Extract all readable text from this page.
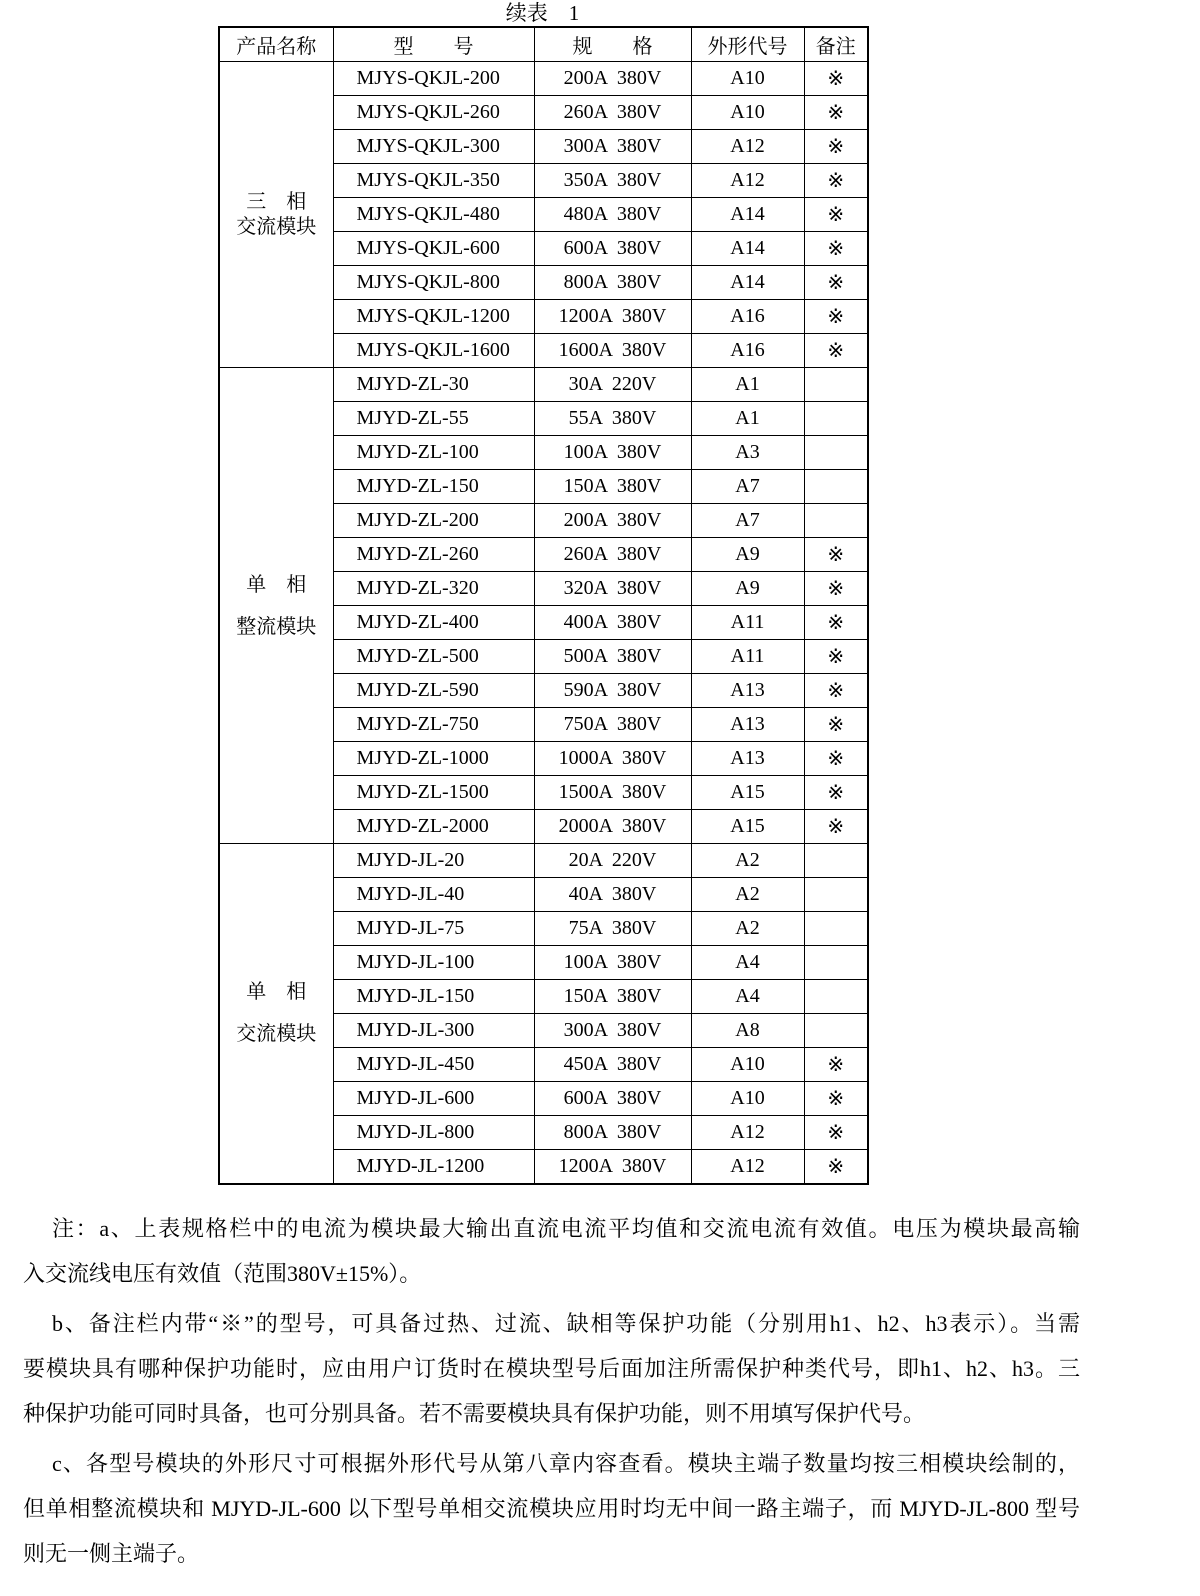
续表　1
产品名称	型　　号	规　　格	外形代号	备注

三　相
交流模块	MJYS-QKJL-200	200A  380V	A10	※
	MJYS-QKJL-260	260A  380V	A10	※
	MJYS-QKJL-300	300A  380V	A12	※
	MJYS-QKJL-350	350A  380V	A12	※
	MJYS-QKJL-480	480A  380V	A14	※
	MJYS-QKJL-600	600A  380V	A14	※
	MJYS-QKJL-800	800A  380V	A14	※
	MJYS-QKJL-1200	1200A  380V	A16	※
	MJYS-QKJL-1600	1600A  380V	A16	※

单　相
整流模块	MJYD-ZL-30	30A  220V	A1	
	MJYD-ZL-55	55A  380V	A1	
	MJYD-ZL-100	100A  380V	A3	
	MJYD-ZL-150	150A  380V	A7	
	MJYD-ZL-200	200A  380V	A7	
	MJYD-ZL-260	260A  380V	A9	※
	MJYD-ZL-320	320A  380V	A9	※
	MJYD-ZL-400	400A  380V	A11	※
	MJYD-ZL-500	500A  380V	A11	※
	MJYD-ZL-590	590A  380V	A13	※
	MJYD-ZL-750	750A  380V	A13	※
	MJYD-ZL-1000	1000A  380V	A13	※
	MJYD-ZL-1500	1500A  380V	A15	※
	MJYD-ZL-2000	2000A  380V	A15	※

单　相
交流模块	MJYD-JL-20	20A  220V	A2	
	MJYD-JL-40	40A  380V	A2	
	MJYD-JL-75	75A  380V	A2	
	MJYD-JL-100	100A  380V	A4	
	MJYD-JL-150	150A  380V	A4	
	MJYD-JL-300	300A  380V	A8	
	MJYD-JL-450	450A  380V	A10	※
	MJYD-JL-600	600A  380V	A10	※
	MJYD-JL-800	800A  380V	A12	※
	MJYD-JL-1200	1200A  380V	A12	※
注：a、上表规格栏中的电流为模块最大输出直流电流平均值和交流电流有效值。电压为模块最高输
入交流线电压有效值（范围380V±15%）。
b、备注栏内带“※”的型号，可具备过热、过流、缺相等保护功能（分别用h1、h2、h3表示）。当需
要模块具有哪种保护功能时，应由用户订货时在模块型号后面加注所需保护种类代号，即h1、h2、h3。三
种保护功能可同时具备，也可分别具备。若不需要模块具有保护功能，则不用填写保护代号。
c、各型号模块的外形尺寸可根据外形代号从第八章内容查看。模块主端子数量均按三相模块绘制的，
但单相整流模块和 MJYD-JL-600 以下型号单相交流模块应用时均无中间一路主端子，而 MJYD-JL-800 型号
则无一侧主端子。
